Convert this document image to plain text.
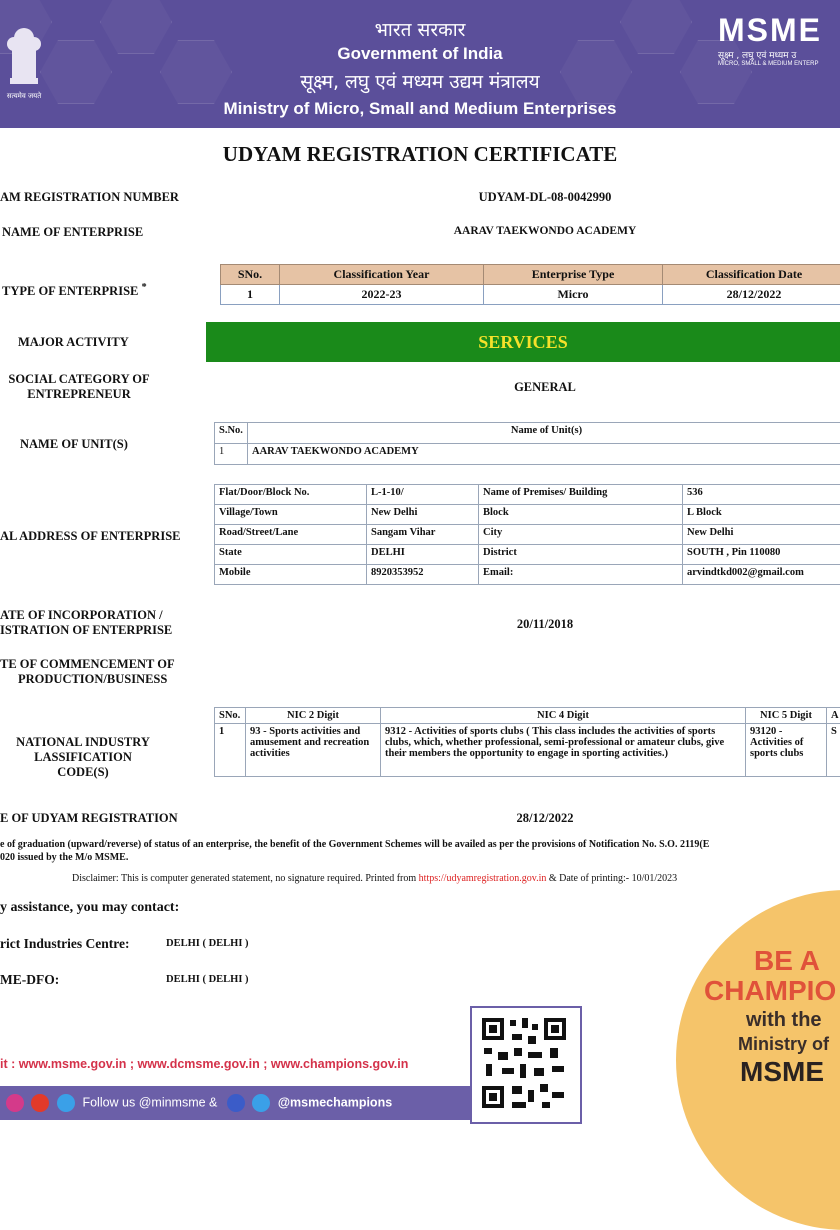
सत्यमेव जयते
भारत सरकार
Government of India
सूक्ष्म, लघु एवं मध्यम उद्यम मंत्रालय
Ministry of Micro, Small and Medium Enterprises
MSME
सूक्ष्म , लघु एवं मध्यम उ
MICRO, SMALL & MEDIUM ENTERP
UDYAM REGISTRATION CERTIFICATE
AM REGISTRATION NUMBER	UDYAM-DL-08-0042990
NAME OF ENTERPRISE	AARAV TAEKWONDO ACADEMY
TYPE OF ENTERPRISE *
SNo.	Classification Year	Enterprise Type	Classification Date
1	2022-23	Micro	28/12/2022
MAJOR ACTIVITY	SERVICES
SOCIAL CATEGORY OF
ENTREPRENEUR	GENERAL
NAME OF UNIT(S)
S.No.	Name of Unit(s)
1	AARAV TAEKWONDO ACADEMY
AL ADDRESS OF ENTERPRISE
Flat/Door/Block No.	L-1-10/	Name of Premises/ Building	536
Village/Town	New Delhi	Block	L Block
Road/Street/Lane	Sangam Vihar	City	New Delhi
State	DELHI	District	SOUTH , Pin 110080
Mobile	8920353952	Email:	arvindtkd002@gmail.com
ATE OF INCORPORATION /
ISTRATION OF ENTERPRISE	20/11/2018
TE OF COMMENCEMENT OF
PRODUCTION/BUSINESS
NATIONAL INDUSTRY
LASSIFICATION CODE(S)
SNo.	NIC 2 Digit	NIC 4 Digit	NIC 5 Digit	A
1	93 - Sports activities and amusement and recreation activities	9312 - Activities of sports clubs ( This class includes the activities of sports clubs, which, whether professional, semi-professional or amateur clubs, give their members the opportunity to engage in sporting activities.)	93120 - Activities of sports clubs	S
E OF UDYAM REGISTRATION	28/12/2022
e of graduation (upward/reverse) of status of an enterprise, the benefit of the Government Schemes will be availed as per the provisions of Notification No. S.O. 2119(E
020 issued by the M/o MSME.
Disclaimer: This is computer generated statement, no signature required. Printed from https://udyamregistration.gov.in & Date of printing:- 10/01/2023
y assistance, you may contact:
rict Industries Centre:	DELHI ( DELHI )
ME-DFO:	DELHI ( DELHI )
it : www.msme.gov.in ; www.dcmsme.gov.in ; www.champions.gov.in
BE A
CHAMPIO
with the
Ministry of
MSME
Follow us @minmsme &	@msmechampions
